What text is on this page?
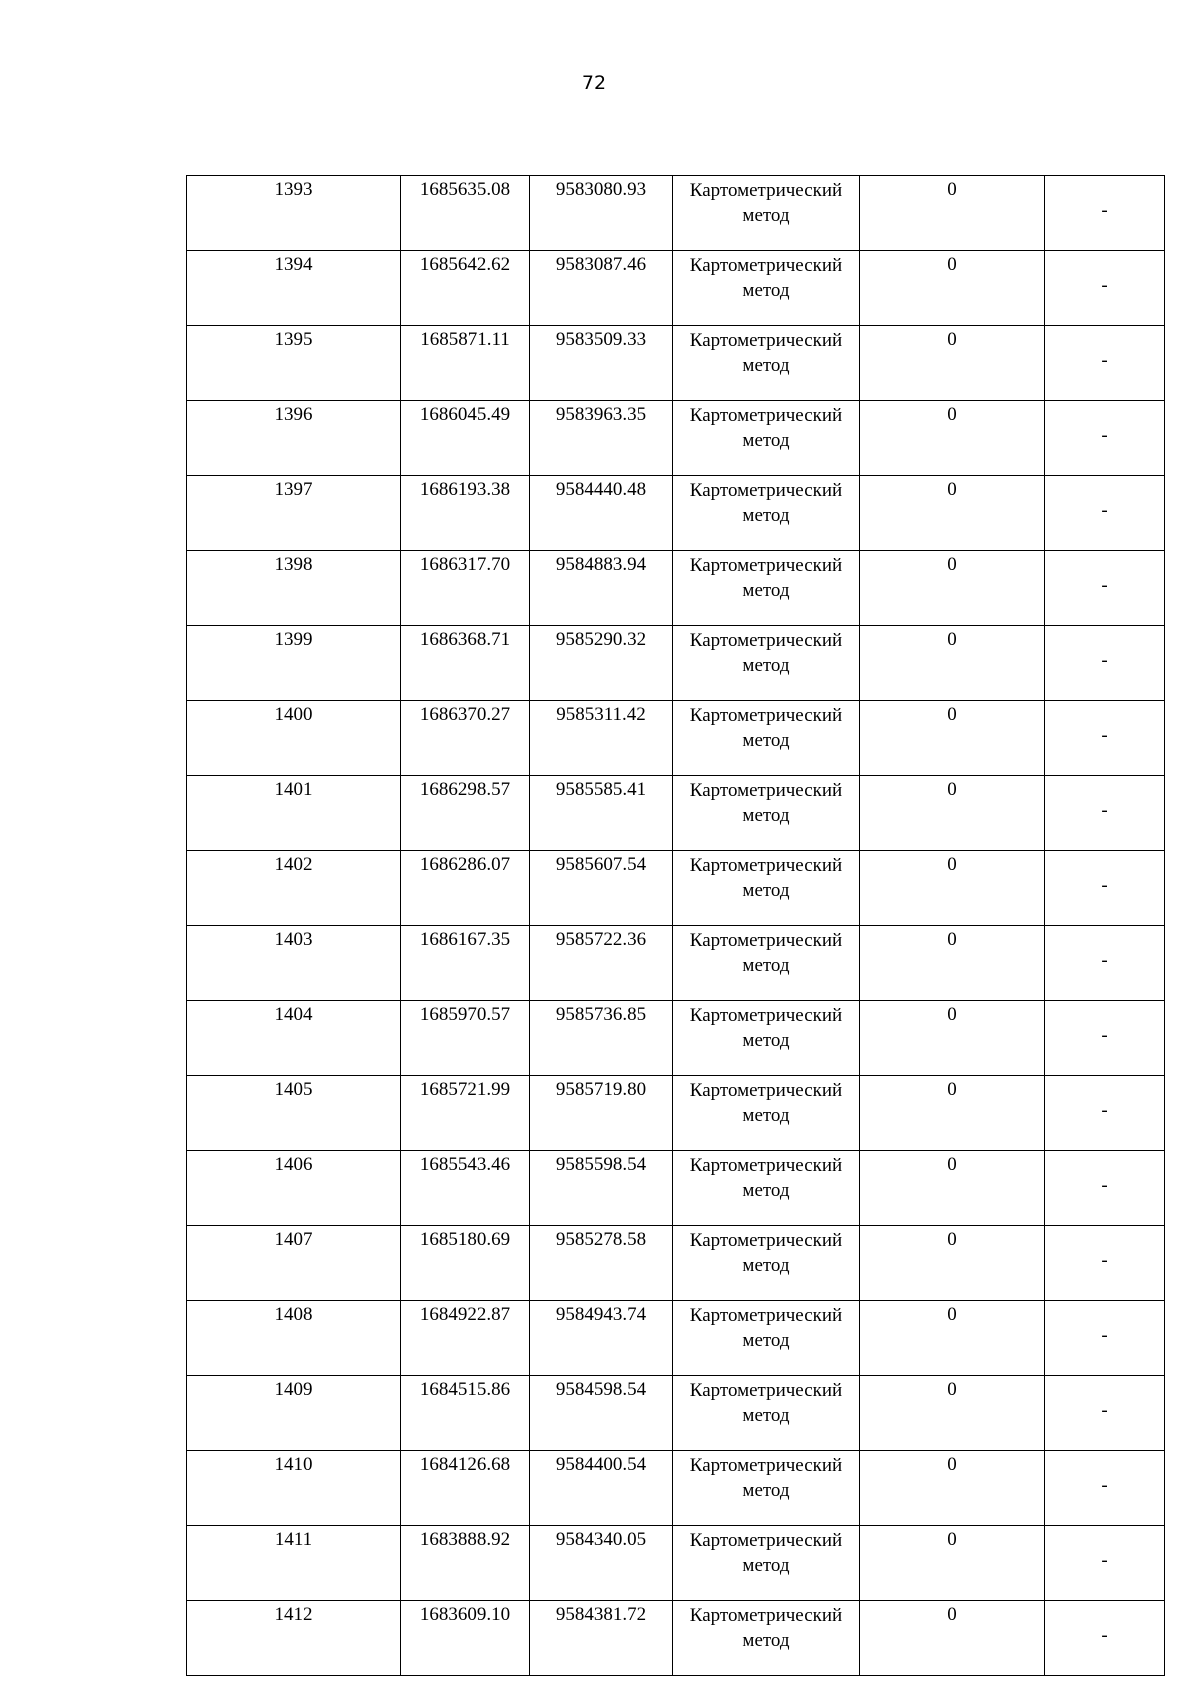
72
1393	1685635.08	9583080.93	Картометрический метод	0	-
1394	1685642.62	9583087.46	Картометрический метод	0	-
1395	1685871.11	9583509.33	Картометрический метод	0	-
1396	1686045.49	9583963.35	Картометрический метод	0	-
1397	1686193.38	9584440.48	Картометрический метод	0	-
1398	1686317.70	9584883.94	Картометрический метод	0	-
1399	1686368.71	9585290.32	Картометрический метод	0	-
1400	1686370.27	9585311.42	Картометрический метод	0	-
1401	1686298.57	9585585.41	Картометрический метод	0	-
1402	1686286.07	9585607.54	Картометрический метод	0	-
1403	1686167.35	9585722.36	Картометрический метод	0	-
1404	1685970.57	9585736.85	Картометрический метод	0	-
1405	1685721.99	9585719.80	Картометрический метод	0	-
1406	1685543.46	9585598.54	Картометрический метод	0	-
1407	1685180.69	9585278.58	Картометрический метод	0	-
1408	1684922.87	9584943.74	Картометрический метод	0	-
1409	1684515.86	9584598.54	Картометрический метод	0	-
1410	1684126.68	9584400.54	Картометрический метод	0	-
1411	1683888.92	9584340.05	Картометрический метод	0	-
1412	1683609.10	9584381.72	Картометрический метод	0	-
